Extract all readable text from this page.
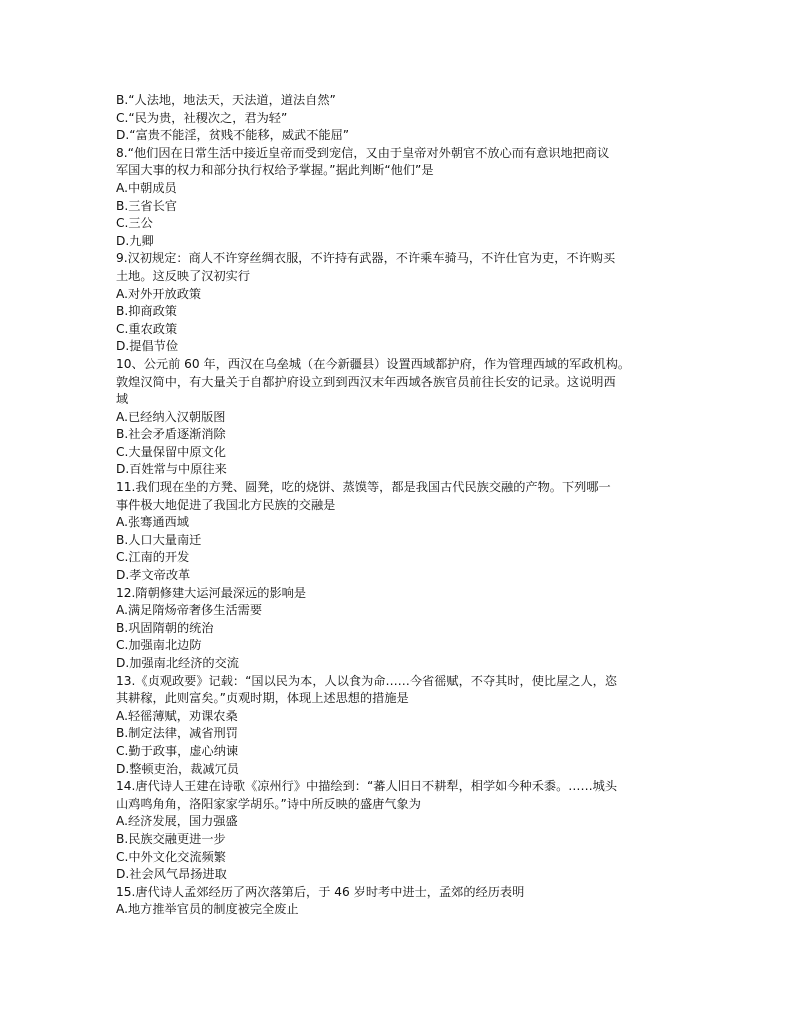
B.“人法地，地法天，天法道，道法自然”
C.“民为贵，社稷次之，君为轻”
D.“富贵不能淫，贫贱不能移，威武不能屈”
8.“他们因在日常生活中接近皇帝而受到宠信，又由于皇帝对外朝官不放心而有意识地把商议
军国大事的权力和部分执行权给予掌握。”据此判断“他们”是
A.中朝成员
B.三省长官
C.三公
D.九卿
9.汉初规定：商人不许穿丝绸衣服，不许持有武器，不许乘车骑马，不许仕官为吏，不许购买
土地。这反映了汉初实行
A.对外开放政策
B.抑商政策
C.重农政策
D.提倡节俭
10、公元前 60 年，西汉在乌垒城（在今新疆县）设置西域都护府，作为管理西域的军政机构。
敦煌汉简中，有大量关于自都护府设立到到西汉末年西域各族官员前往长安的记录。这说明西
域
A.已经纳入汉朝版图
B.社会矛盾逐渐消除
C.大量保留中原文化
D.百姓常与中原往来
11.我们现在坐的方凳、圆凳，吃的烧饼、蒸馍等，都是我国古代民族交融的产物。下列哪一
事件极大地促进了我国北方民族的交融是
A.张骞通西域
B.人口大量南迁
C.江南的开发
D.孝文帝改革
12.隋朝修建大运河最深远的影响是
A.满足隋炀帝奢侈生活需要
B.巩固隋朝的统治
C.加强南北边防
D.加强南北经济的交流
13.《贞观政要》记载：“国以民为本，人以食为命……今省徭赋，不夺其时，使比屋之人，恣
其耕稼，此则富矣。”贞观时期，体现上述思想的措施是
A.轻徭薄赋，劝课农桑
B.制定法律，减省刑罚
C.勤于政事，虚心纳谏
D.整顿吏治，裁减冗员
14.唐代诗人王建在诗歌《凉州行》中描绘到：“蕃人旧日不耕犁，相学如今种禾黍。……城头
山鸡鸣角角，洛阳家家学胡乐。”诗中所反映的盛唐气象为
A.经济发展，国力强盛
B.民族交融更进一步
C.中外文化交流频繁
D.社会风气昂扬进取
15.唐代诗人孟郊经历了两次落第后，于 46 岁时考中进士，孟郊的经历表明
A.地方推举官员的制度被完全废止
